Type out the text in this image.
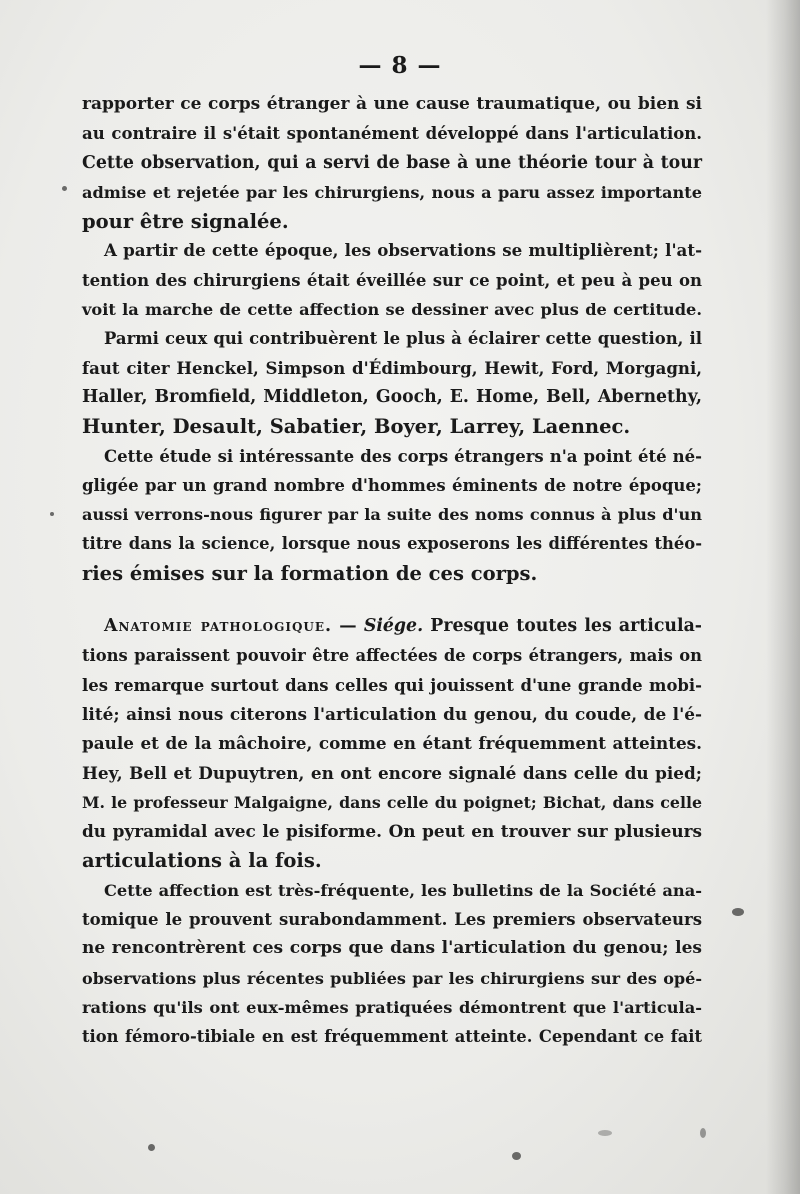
— 8 —
rapporter ce corps étranger à une cause traumatique, ou bien si
au contraire il s'était spontanément développé dans l'articulation.
Cette observation, qui a servi de base à une théorie tour à tour
admise et rejetée par les chirurgiens, nous a paru assez importante
pour être signalée.
A partir de cette époque, les observations se multiplièrent; l'at-
tention des chirurgiens était éveillée sur ce point, et peu à peu on
voit la marche de cette affection se dessiner avec plus de certitude.
Parmi ceux qui contribuèrent le plus à éclairer cette question, il
faut citer Henckel, Simpson d'Édimbourg, Hewit, Ford, Morgagni,
Haller, Bromfield, Middleton, Gooch, E. Home, Bell, Abernethy,
Hunter, Desault, Sabatier, Boyer, Larrey, Laennec.
Cette étude si intéressante des corps étrangers n'a point été né-
gligée par un grand nombre d'hommes éminents de notre époque;
aussi verrons-nous figurer par la suite des noms connus à plus d'un
titre dans la science, lorsque nous exposerons les différentes théo-
ries émises sur la formation de ces corps.
Anatomie pathologique. — Siége. Presque toutes les articula-
tions paraissent pouvoir être affectées de corps étrangers, mais on
les remarque surtout dans celles qui jouissent d'une grande mobi-
lité; ainsi nous citerons l'articulation du genou, du coude, de l'é-
paule et de la mâchoire, comme en étant fréquemment atteintes.
Hey, Bell et Dupuytren, en ont encore signalé dans celle du pied;
M. le professeur Malgaigne, dans celle du poignet; Bichat, dans celle
du pyramidal avec le pisiforme. On peut en trouver sur plusieurs
articulations à la fois.
Cette affection est très-fréquente, les bulletins de la Société ana-
tomique le prouvent surabondamment. Les premiers observateurs
ne rencontrèrent ces corps que dans l'articulation du genou; les
observations plus récentes publiées par les chirurgiens sur des opé-
rations qu'ils ont eux-mêmes pratiquées démontrent que l'articula-
tion fémoro-tibiale en est fréquemment atteinte. Cependant ce fait
